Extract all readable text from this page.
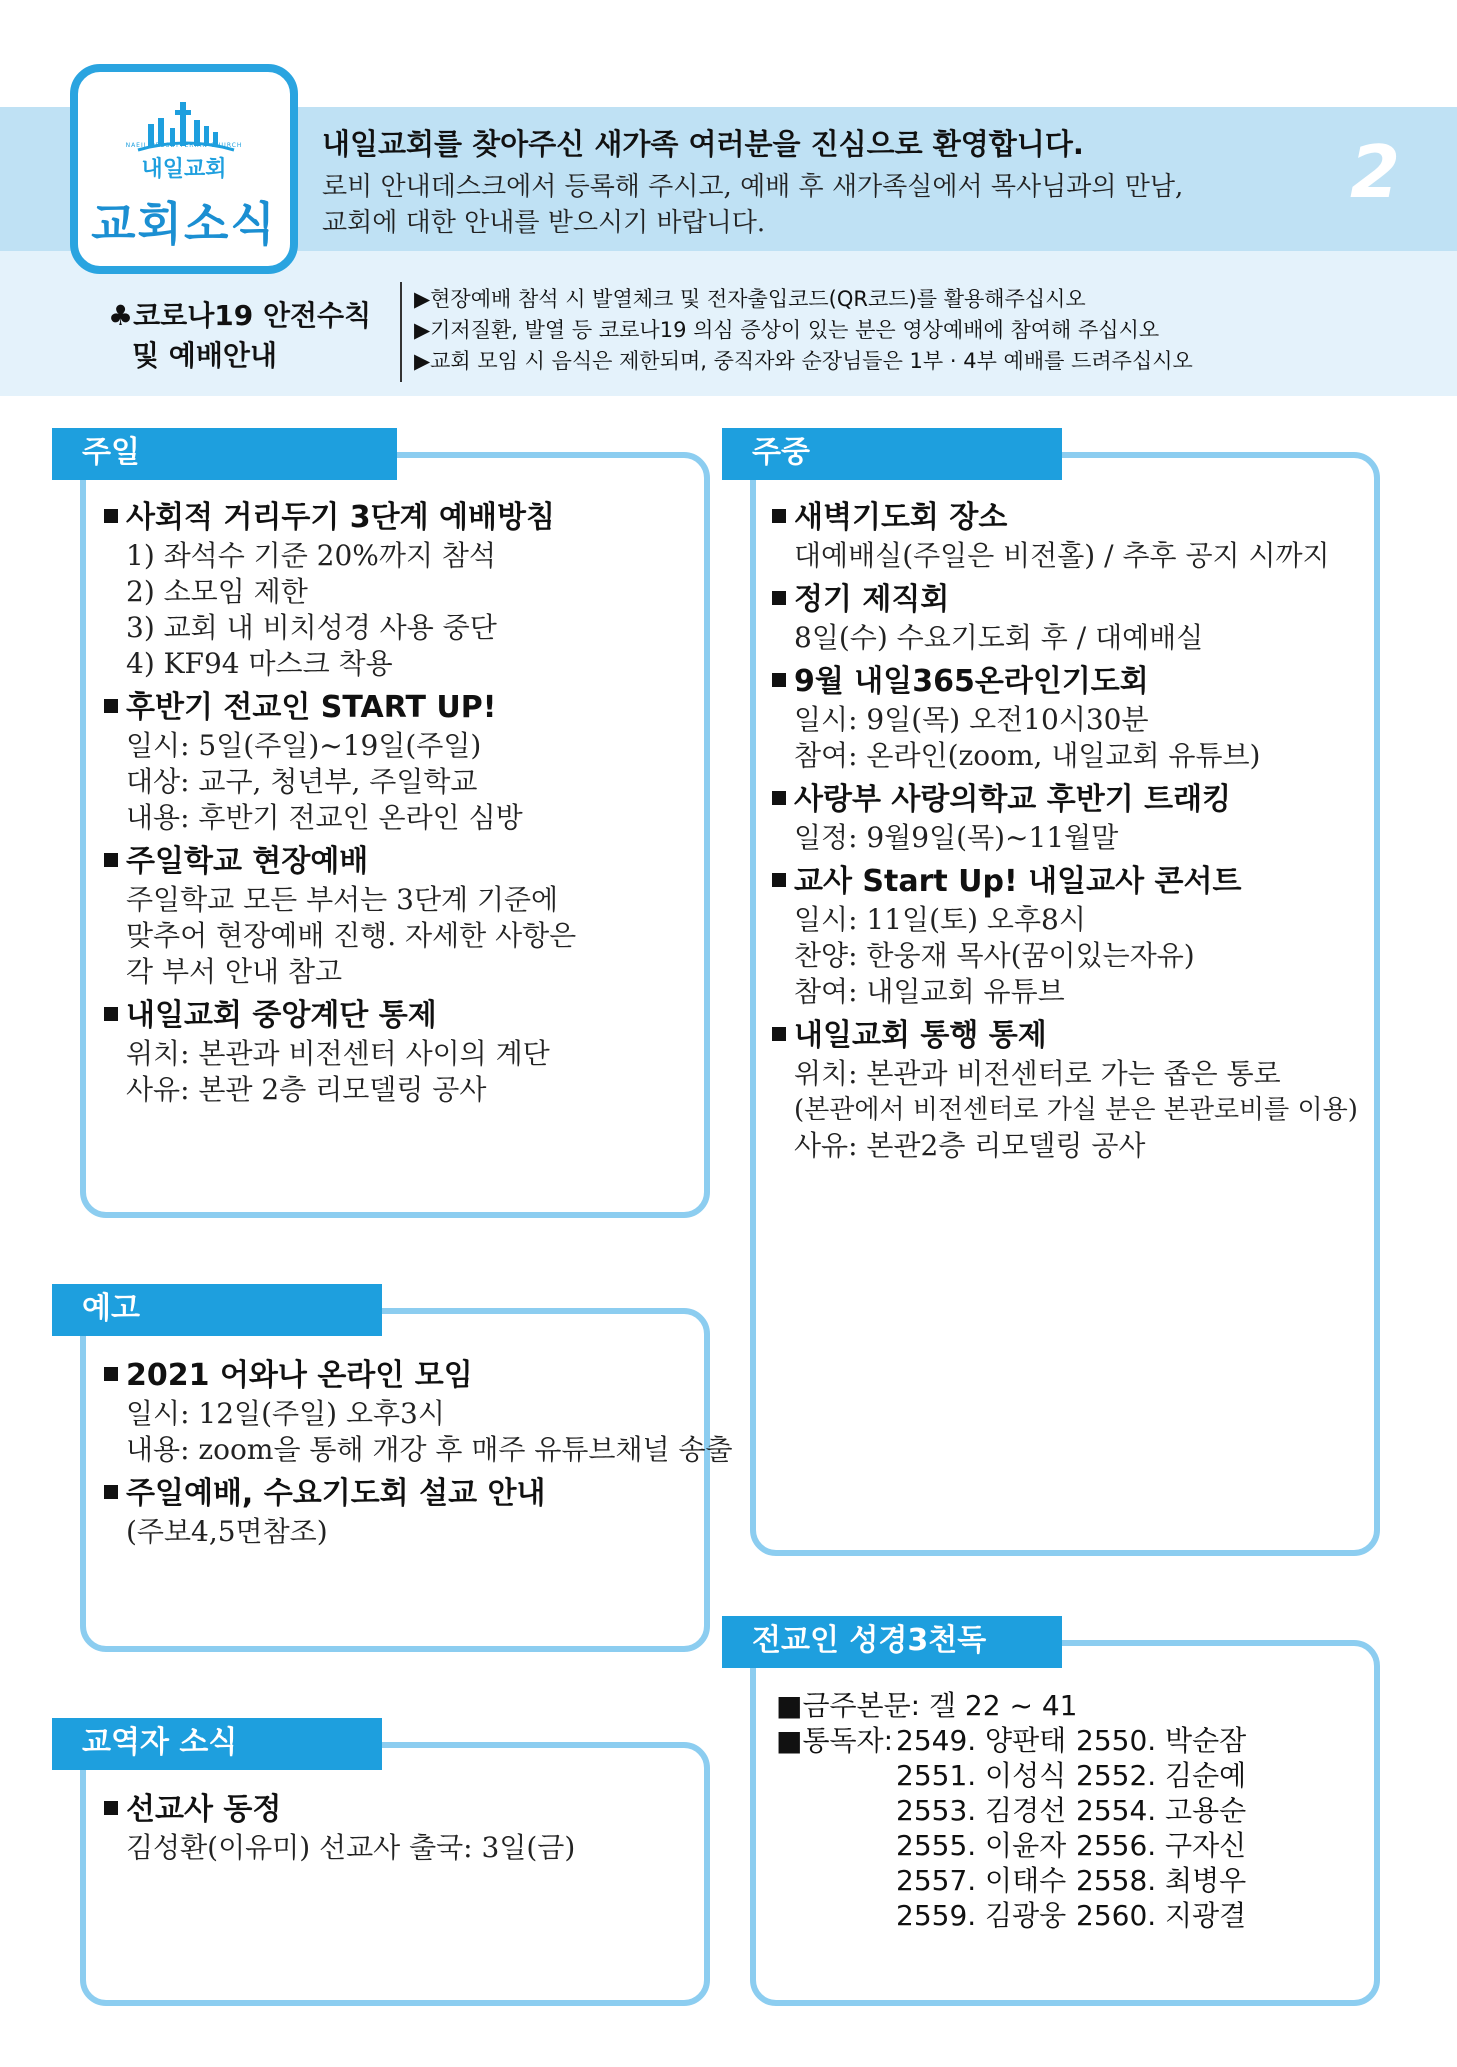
NAEIL PRESBYTERIAN CHURCH
내일교회
교회소식
내일교회를 찾아주신 새가족 여러분을 진심으로 환영합니다.
로비 안내데스크에서 등록해 주시고, 예배 후 새가족실에서 목사님과의 만남,
교회에 대한 안내를 받으시기 바랍니다.
2
♣코로나19 안전수칙
및 예배안내
▶현장예배 참석 시 발열체크 및 전자출입코드(QR코드)를 활용해주십시오
▶기저질환, 발열 등 코로나19 의심 증상이 있는 분은 영상예배에 참여해 주십시오
▶교회 모임 시 음식은 제한되며, 중직자와 순장님들은 1부 · 4부 예배를 드려주십시오
주일
사회적 거리두기 3단계 예배방침
1) 좌석수 기준 20%까지 참석
2) 소모임 제한
3) 교회 내 비치성경 사용 중단
4) KF94 마스크 착용
후반기 전교인 START UP!
일시: 5일(주일)~19일(주일)
대상: 교구, 청년부, 주일학교
내용: 후반기 전교인 온라인 심방
주일학교 현장예배
주일학교 모든 부서는 3단계 기준에
맞추어 현장예배 진행. 자세한 사항은
각 부서 안내 참고
내일교회 중앙계단 통제
위치: 본관과 비전센터 사이의 계단
사유: 본관 2층 리모델링 공사
주중
새벽기도회 장소
대예배실(주일은 비전홀) / 추후 공지 시까지
정기 제직회
8일(수) 수요기도회 후 / 대예배실
9월 내일365온라인기도회
일시: 9일(목) 오전10시30분
참여: 온라인(zoom, 내일교회 유튜브)
사랑부 사랑의학교 후반기 트래킹
일정: 9월9일(목)~11월말
교사 Start Up! 내일교사 콘서트
일시: 11일(토) 오후8시
찬양: 한웅재 목사(꿈이있는자유)
참여: 내일교회 유튜브
내일교회 통행 통제
위치: 본관과 비전센터로 가는 좁은 통로
(본관에서 비전센터로 가실 분은 본관로비를 이용)
사유: 본관2층 리모델링 공사
예고
2021 어와나 온라인 모임
일시: 12일(주일) 오후3시
내용: zoom을 통해 개강 후 매주 유튜브채널 송출
주일예배, 수요기도회 설교 안내
(주보4,5면참조)
교역자 소식
선교사 동정
김성환(이유미) 선교사 출국: 3일(금)
전교인 성경3천독
■금주본문: 겔 22 ~ 41
■통독자: 2549. 양판태 2550. 박순잠
2551. 이성식 2552. 김순예
2553. 김경선 2554. 고용순
2555. 이윤자 2556. 구자신
2557. 이태수 2558. 최병우
2559. 김광웅 2560. 지광결
